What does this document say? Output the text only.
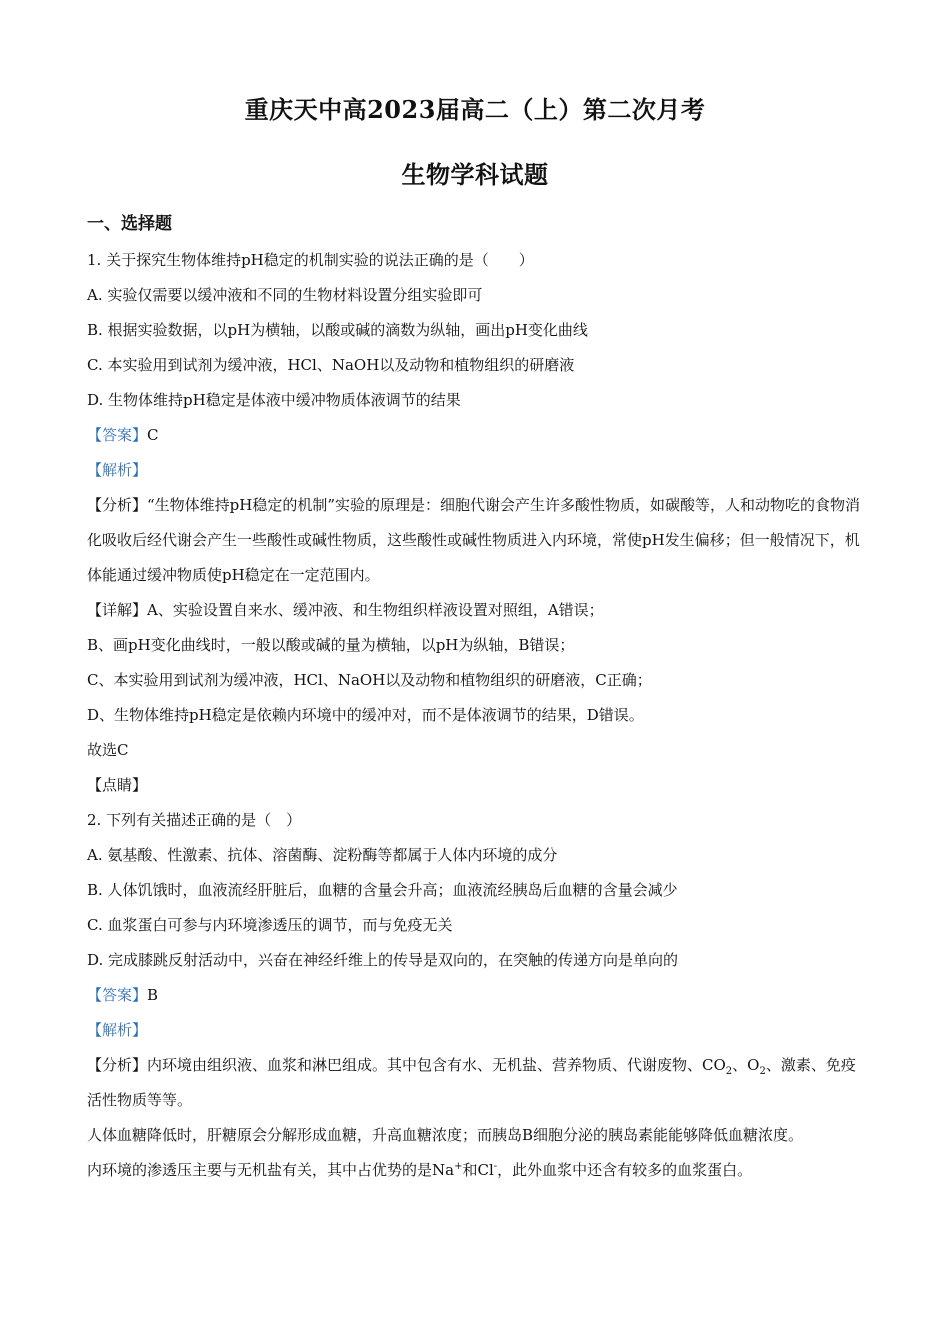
重庆天中高2023届高二（上）第二次月考
生物学科试题
一、选择题

1. 关于探究生物体维持pH稳定的机制实验的说法正确的是（　　）

A. 实验仅需要以缓冲液和不同的生物材料设置分组实验即可

B. 根据实验数据，以pH为横轴，以酸或碱的滴数为纵轴，画出pH变化曲线

C. 本实验用到试剂为缓冲液，HCl、NaOH以及动物和植物组织的研磨液

D. 生物体维持pH稳定是体液中缓冲物质体液调节的结果

【答案】C

【解析】

【分析】“生物体维持pH稳定的机制”实验的原理是：细胞代谢会产生许多酸性物质，如碳酸等，人和动物吃的食物消化吸收后经代谢会产生一些酸性或碱性物质，这些酸性或碱性物质进入内环境，常使pH发生偏移；但一般情况下，机体能通过缓冲物质使pH稳定在一定范围内。

【详解】A、实验设置自来水、缓冲液、和生物组织样液设置对照组，A错误；

B、画pH变化曲线时，一般以酸或碱的量为横轴，以pH为纵轴，B错误；

C、本实验用到试剂为缓冲液，HCl、NaOH以及动物和植物组织的研磨液，C正确；

D、生物体维持pH稳定是依赖内环境中的缓冲对，而不是体液调节的结果，D错误。

故选C

【点睛】

2. 下列有关描述正确的是（　）

A. 氨基酸、性激素、抗体、溶菌酶、淀粉酶等都属于人体内环境的成分

B. 人体饥饿时，血液流经肝脏后，血糖的含量会升高；血液流经胰岛后血糖的含量会减少

C. 血浆蛋白可参与内环境渗透压的调节，而与免疫无关

D. 完成膝跳反射活动中，兴奋在神经纤维上的传导是双向的，在突触的传递方向是单向的

【答案】B

【解析】

【分析】内环境由组织液、血浆和淋巴组成。其中包含有水、无机盐、营养物质、代谢废物、$CO_2$、$O_2$、激素、免疫活性物质等等。

人体血糖降低时，肝糖原会分解形成血糖，升高血糖浓度；而胰岛B细胞分泌的胰岛素能能够降低血糖浓度。

内环境的渗透压主要与无机盐有关，其中占优势的是Na+和Cl-，此外血浆中还含有较多的血浆蛋白。
